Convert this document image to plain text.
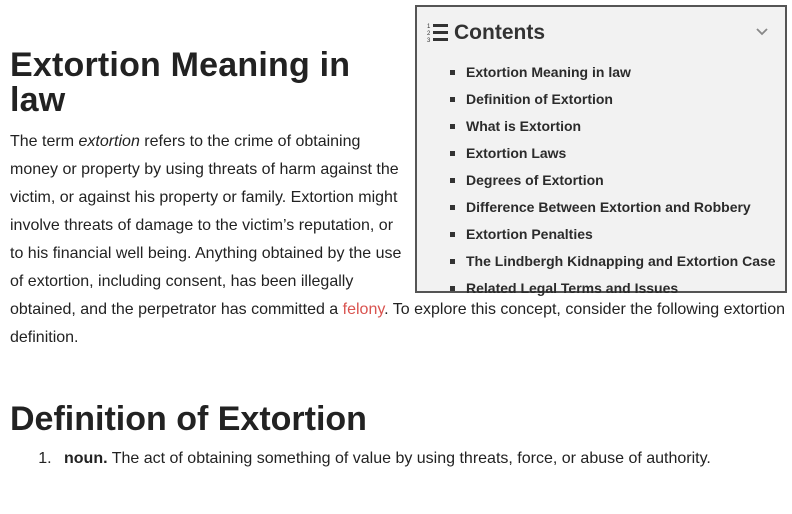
1
2
3 Contents
Extortion Meaning in law
Definition of Extortion
What is Extortion
Extortion Laws
Degrees of Extortion
Difference Between Extortion and Robbery
Extortion Penalties
The Lindbergh Kidnapping and Extortion Case
Related Legal Terms and Issues
Extortion Meaning in law

The term extortion refers to the crime of obtaining money or property by using threats of harm against the victim, or against his property or family. Extortion might involve threats of damage to the victim’s reputation, or to his financial well being. Anything obtained by the use of extortion, including consent, has been illegally obtained, and the perpetrator has committed a felony. To explore this concept, consider the following extortion definition.

Definition of Extortion
1. noun. The act of obtaining something of value by using threats, force, or abuse of authority.
